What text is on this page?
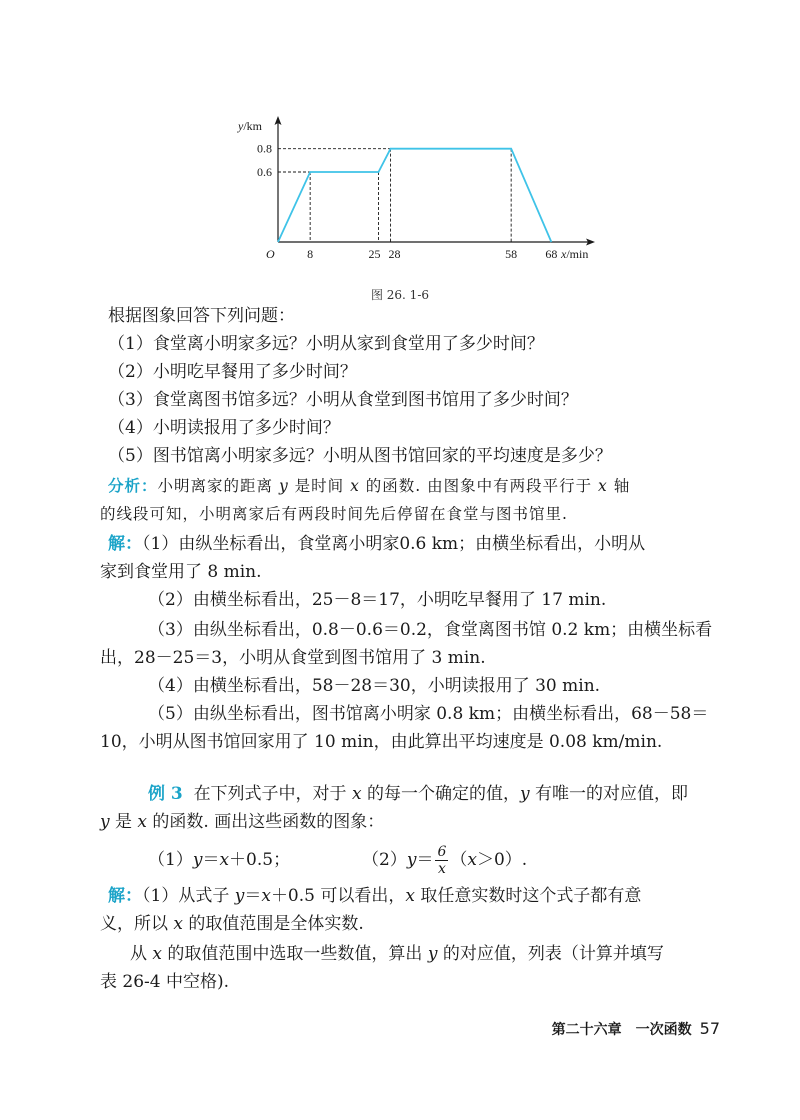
8	25 28	58 68
0.6
0.8
O	x/min
y/km
图 26. 1-6
根据图象回答下列问题：
（1）食堂离小明家多远？小明从家到食堂用了多少时间？
（2）小明吃早餐用了多少时间？
（3）食堂离图书馆多远？小明从食堂到图书馆用了多少时间？
（4）小明读报用了多少时间？
（5）图书馆离小明家多远？小明从图书馆回家的平均速度是多少？
分析：小明离家的距离 y 是时间 x 的函数. 由图象中有两段平行于 x 轴
的线段可知，小明离家后有两段时间先后停留在食堂与图书馆里.
解：（1）由纵坐标看出，食堂离小明家0.6 km；由横坐标看出，小明从
家到食堂用了 8 min.
（2）由横坐标看出，25－8＝17，小明吃早餐用了 17 min.
（3）由纵坐标看出，0.8－0.6＝0.2，食堂离图书馆 0.2 km；由横坐标看
出，28－25＝3，小明从食堂到图书馆用了 3 min.
（4）由横坐标看出，58－28＝30，小明读报用了 30 min.
（5）由纵坐标看出，图书馆离小明家 0.8 km；由横坐标看出，68－58＝
10，小明从图书馆回家用了 10 min，由此算出平均速度是 0.08 km/min.
例 3 在下列式子中，对于 x 的每一个确定的值，y 有唯一的对应值，即
y 是 x 的函数. 画出这些函数的图象：
（1）y＝x＋0.5；	$(2)y= \frac{6}{x} (x>0)$.
解：（1）从式子 y＝x＋0.5 可以看出，x 取任意实数时这个式子都有意
义，所以 x 的取值范围是全体实数.
从 x 的取值范围中选取一些数值，算出 y 的对应值，列表（计算并填写
表 26-4 中空格).
第二十六章　一次函数 57
